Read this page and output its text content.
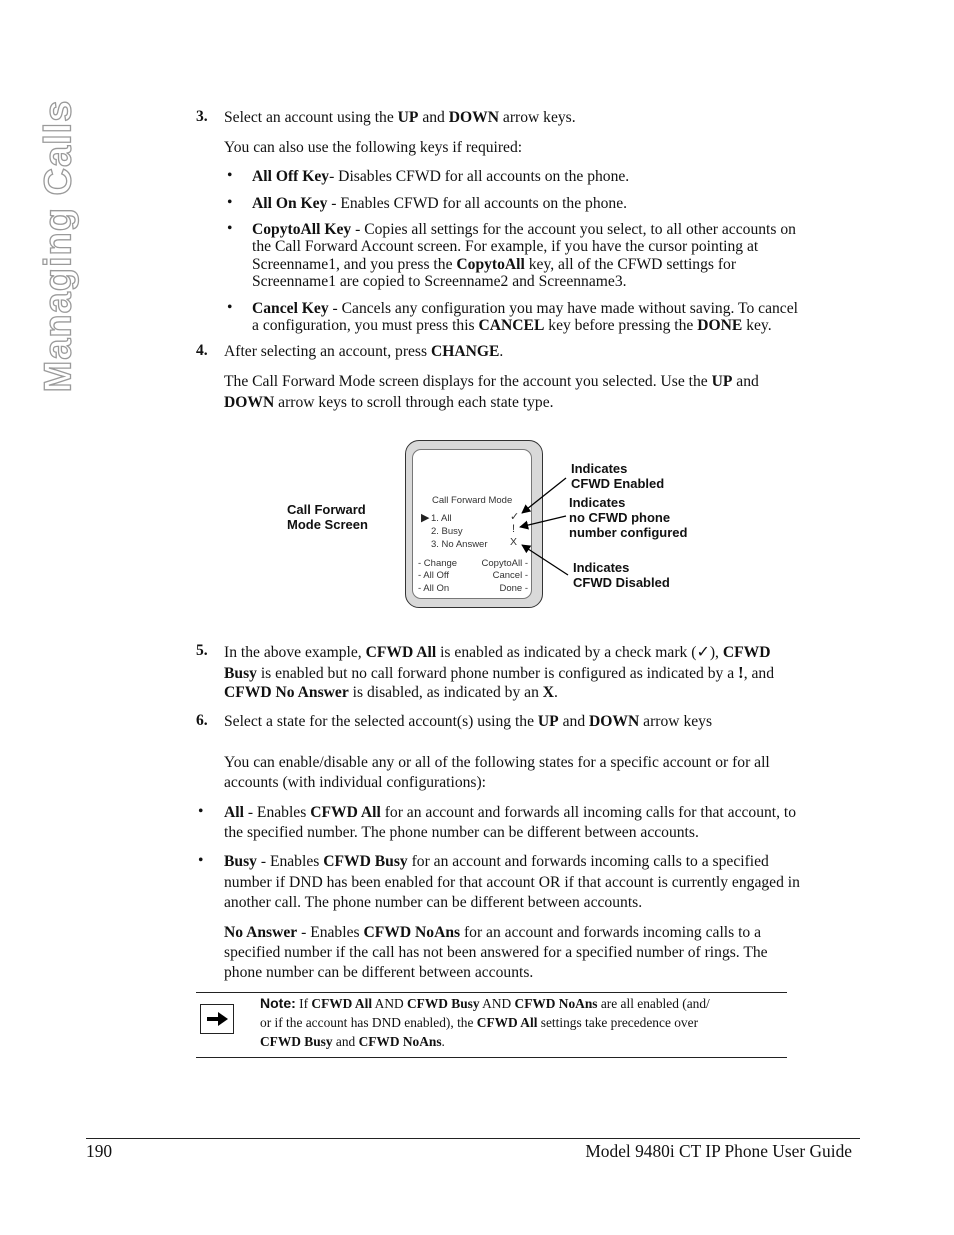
Managing Calls	3. Select an account using the UP and DOWN arrow keys.
You can also use the following keys if required:
• All Off Key- Disables CFWD for all accounts on the phone.
• All On Key - Enables CFWD for all accounts on the phone.
• CopytoAll Key - Copies all settings for the account you select, to all other accounts on
the Call Forward Account screen. For example, if you have the cursor pointing at
Screenname1, and you press the CopytoAll key, all of the CFWD settings for
Screenname1 are copied to Screenname2 and Screenname3.
• Cancel Key - Cancels any configuration you may have made without saving. To cancel
a configuration, you must press this CANCEL key before pressing the DONE key.
4. After selecting an account, press CHANGE.
The Call Forward Mode screen displays for the account you selected. Use the UP and
DOWN arrow keys to scroll through each state type.
Call Forward
Mode Screen
Call Forward Mode
▶ 1. All
2. Busy
3. No Answer
✓
!
X
- Change
- All Off
- All On
CopytoAll -
Cancel -
Done -
Indicates
CFWD Enabled
Indicates
no CFWD phone
number configured
Indicates
CFWD Disabled
5. In the above example, CFWD All is enabled as indicated by a check mark (✓), CFWD
Busy is enabled but no call forward phone number is configured as indicated by a !, and
CFWD No Answer is disabled, as indicated by an X.
6. Select a state for the selected account(s) using the UP and DOWN arrow keys
You can enable/disable any or all of the following states for a specific account or for all
accounts (with individual configurations):
• All - Enables CFWD All for an account and forwards all incoming calls for that account, to
the specified number. The phone number can be different between accounts.
• Busy - Enables CFWD Busy for an account and forwards incoming calls to a specified
number if DND has been enabled for that account OR if that account is currently engaged in
another call. The phone number can be different between accounts.
No Answer - Enables CFWD NoAns for an account and forwards incoming calls to a
specified number if the call has not been answered for a specified number of rings. The
phone number can be different between accounts.
Note: If CFWD All AND CFWD Busy AND CFWD NoAns are all enabled (and/
or if the account has DND enabled), the CFWD All settings take precedence over
CFWD Busy and CFWD NoAns.
190	Model 9480i CT IP Phone User Guide
